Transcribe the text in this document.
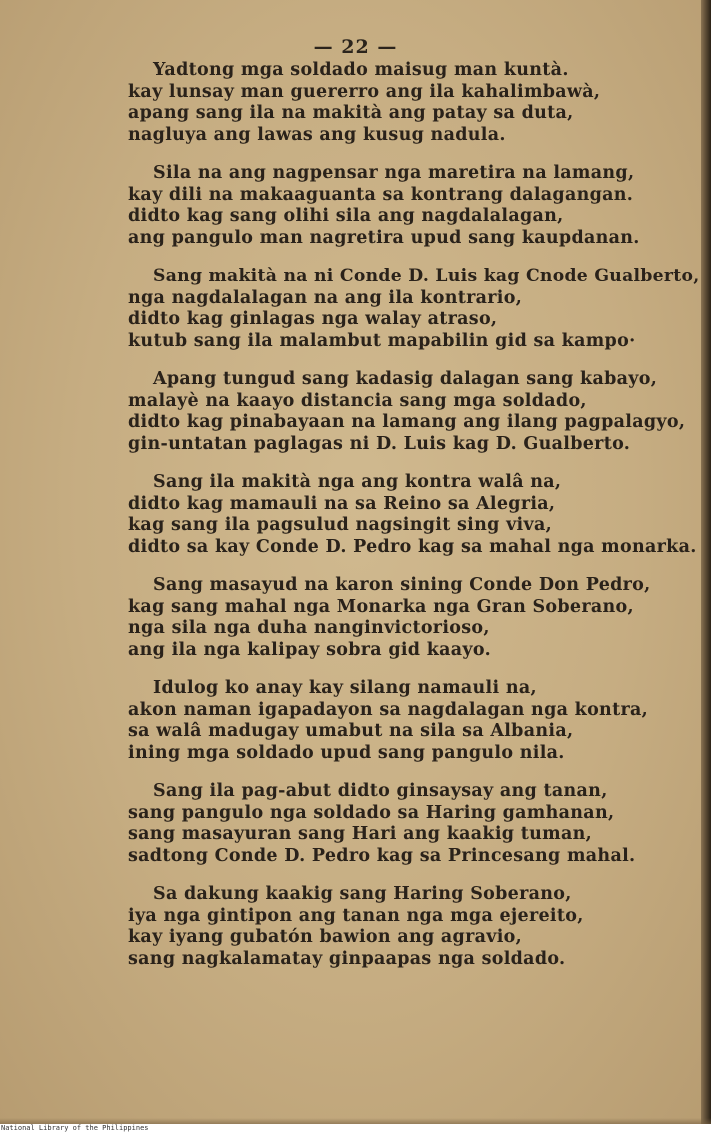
— 22 —
Yadtong mga soldado maisug man kuntà.
kay lunsay man guererro ang ila kahalimbawà,
apang sang ila na makità ang patay sa duta,
nagluya ang lawas ang kusug nadula.
Sila na ang nagpensar nga maretira na lamang,
kay dili na makaaguanta sa kontrang dalagangan.
didto kag sang olihi sila ang nagdalalagan,
ang pangulo man nagretira upud sang kaupdanan.
Sang makità na ni Conde D. Luis kag Cnode Gualberto,
nga nagdalalagan na ang ila kontrario,
didto kag ginlagas nga walay atraso,
kutub sang ila malambut mapabilin gid sa kampo·
Apang tungud sang kadasig dalagan sang kabayo,
malayè na kaayo distancia sang mga soldado,
didto kag pinabayaan na lamang ang ilang pagpalagyo,
gin-untatan paglagas ni D. Luis kag D. Gualberto.
Sang ila makità nga ang kontra walâ na,
didto kag mamauli na sa Reino sa Alegria,
kag sang ila pagsulud nagsingit sing viva,
didto sa kay Conde D. Pedro kag sa mahal nga monarka.
Sang masayud na karon sining Conde Don Pedro,
kag sang mahal nga Monarka nga Gran Soberano,
nga sila nga duha nanginvictorioso,
ang ila nga kalipay sobra gid kaayo.
Idulog ko anay kay silang namauli na,
akon naman igapadayon sa nagdalagan nga kontra,
sa walâ madugay umabut na sila sa Albania,
ining mga soldado upud sang pangulo nila.
Sang ila pag-abut didto ginsaysay ang tanan,
sang pangulo nga soldado sa Haring gamhanan,
sang masayuran sang Hari ang kaakig tuman,
sadtong Conde D. Pedro kag sa Princesang mahal.
Sa dakung kaakig sang Haring Soberano,
iya nga gintipon ang tanan nga mga ejereito,
kay iyang gubatón bawion ang agravio,
sang nagkalamatay ginpaapas nga soldado.
National Library of the Philippines
